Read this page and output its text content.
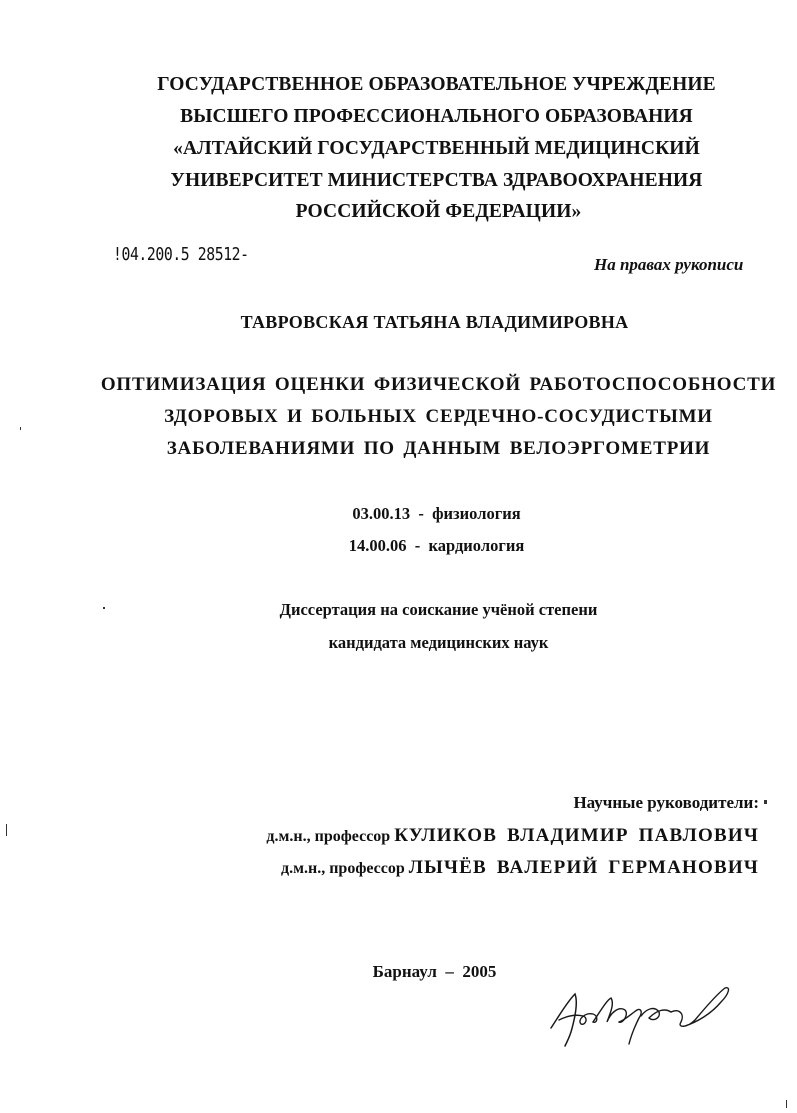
ГОСУДАРСТВЕННОЕ ОБРАЗОВАТЕЛЬНОЕ УЧРЕЖДЕНИЕ
ВЫСШЕГО ПРОФЕССИОНАЛЬНОГО ОБРАЗОВАНИЯ
«АЛТАЙСКИЙ ГОСУДАРСТВЕННЫЙ МЕДИЦИНСКИЙ
УНИВЕРСИТЕТ МИНИСТЕРСТВА ЗДРАВООХРАНЕНИЯ
РОССИЙСКОЙ ФЕДЕРАЦИИ»
!04.200.5 28512-	На правах рукописи
ТАВРОВСКАЯ ТАТЬЯНА ВЛАДИМИРОВНА
ОПТИМИЗАЦИЯ ОЦЕНКИ ФИЗИЧЕСКОЙ РАБОТОСПОСОБНОСТИ
ЗДОРОВЫХ И БОЛЬНЫХ СЕРДЕЧНО-СОСУДИСТЫМИ
ЗАБОЛЕВАНИЯМИ ПО ДАННЫМ ВЕЛОЭРГОМЕТРИИ
03.00.13  -  физиология
14.00.06  -  кардиология
Диссертация на соискание учёной степени
кандидата медицинских наук
Научные руководители:
д.м.н., профессор КУЛИКОВ ВЛАДИМИР ПАВЛОВИЧ
д.м.н., профессор ЛЫЧЁВ ВАЛЕРИЙ ГЕРМАНОВИЧ
Барнаул  –  2005
